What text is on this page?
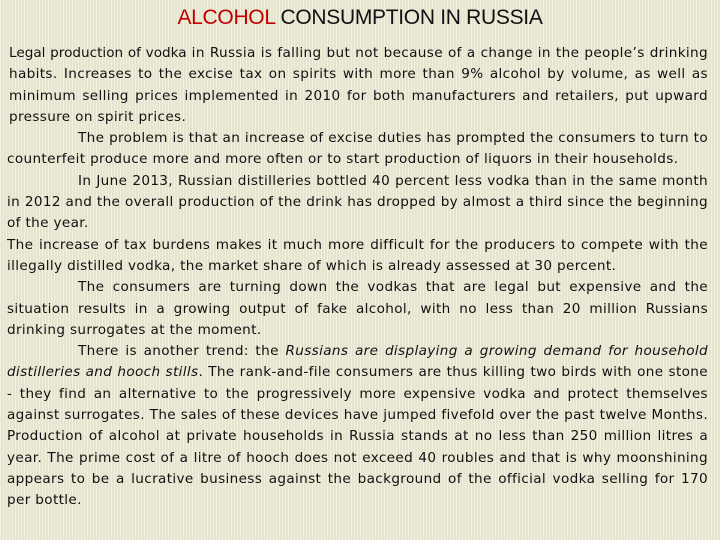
ALCOHOL CONSUMPTION IN RUSSIA

Legal production of vodka in Russia is falling but not because of a change in the people’s drinking habits. Increases to the excise tax on spirits with more than 9% alcohol by volume, as well as minimum selling prices implemented in 2010 for both manufacturers and retailers, put upward pressure on spirit prices.

The problem is that an increase of excise duties has prompted the consumers to turn to counterfeit produce more and more often or to start production of liquors in their households.

In June 2013, Russian distilleries bottled 40 percent less vodka than in the same month in 2012 and the overall production of the drink has dropped by almost a third since the beginning of the year.

The increase of tax burdens makes it much more difficult for the producers to compete with the illegally distilled vodka, the market share of which is already assessed at 30 percent.

The consumers are turning down the vodkas that are legal but expensive and the situation results in a growing output of fake alcohol, with no less than 20 million Russians drinking surrogates at the moment.

There is another trend: the Russians are displaying a growing demand for household distilleries and hooch stills. The rank-and-file consumers are thus killing two birds with one stone - they find an alternative to the progressively more expensive vodka and protect themselves against surrogates. The sales of these devices have jumped fivefold over the past twelve Months. Production of alcohol at private households in Russia stands at no less than 250 million litres a year. The prime cost of a litre of hooch does not exceed 40 roubles and that is why moonshining appears to be a lucrative business against the background of the official vodka selling for 170 per bottle.
